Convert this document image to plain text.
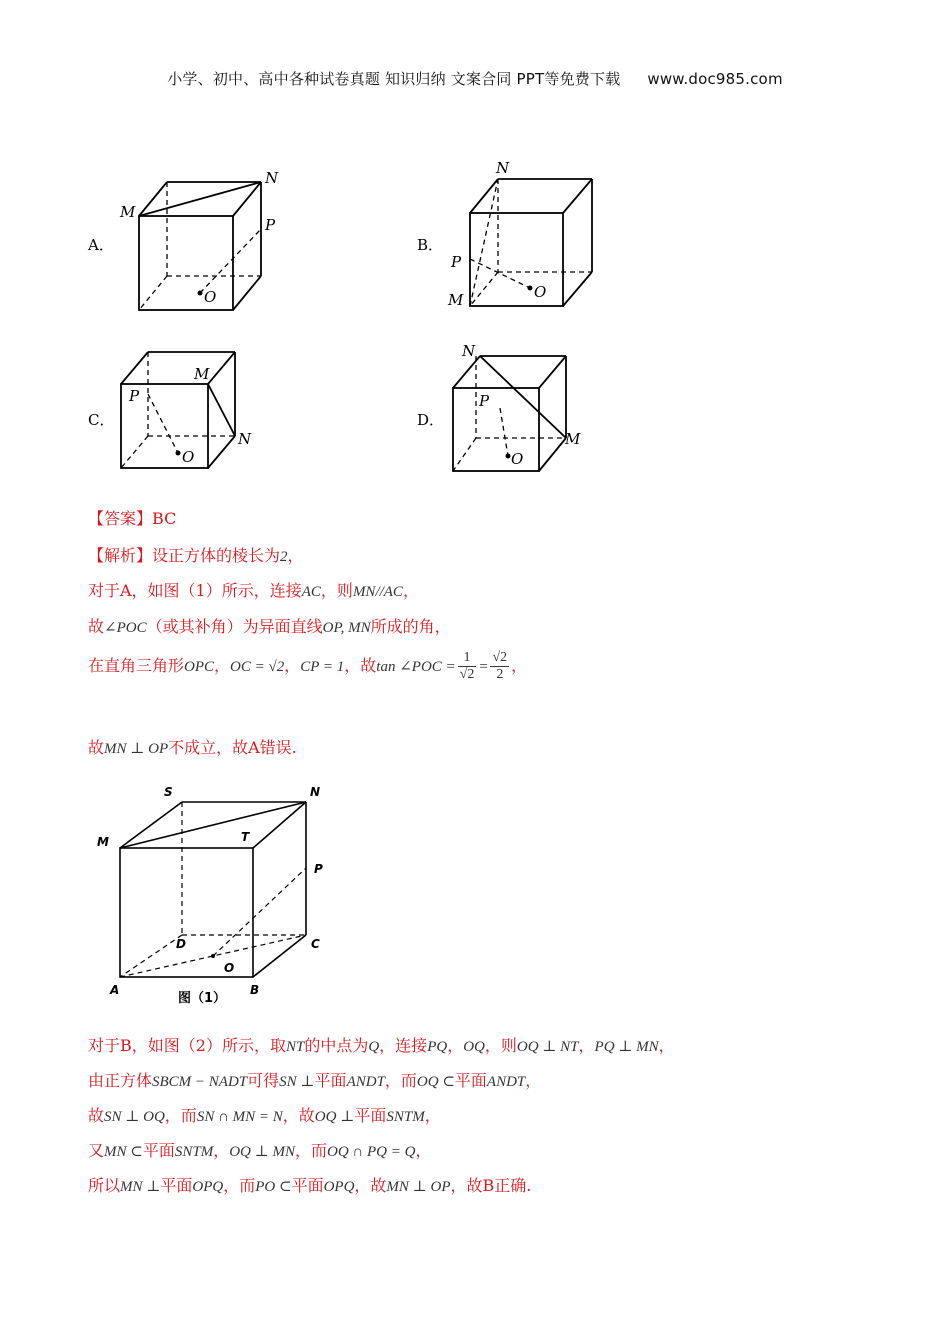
小学、初中、高中各种试卷真题 知识归纳 文案合同 PPT等免费下载 www.doc985.com
A．	B．
C．	D．
M
N
P
O
N
P
M	O
M
P
N
O
N
P
M
O
【答案】BC
【解析】设正方体的棱长为2，
对于A，如图（1）所示，连接AC，则MN//AC，
故∠POC（或其补角）为异面直线OP, MN所成的角，
在直角三角形OPC，OC = √2，CP = 1，故tan ∠POC = $\frac{1}{√2} = \frac{√2}{2}$ ，
故MN ⊥ OP不成立，故A错误.
S	N
M	T
P
D	C
O
A	B
图（1）
对于B，如图（2）所示，取NT的中点为Q，连接PQ，OQ，则OQ ⊥ NT，PQ ⊥ MN，
由正方体SBCM − NADT可得SN ⊥平面ANDT，而OQ ⊂平面ANDT，
故SN ⊥ OQ，而SN ∩ MN = N，故OQ ⊥平面SNTM，
又MN ⊂平面SNTM，OQ ⊥ MN，而OQ ∩ PQ = Q，
所以MN ⊥平面OPQ，而PO ⊂平面OPQ，故MN ⊥ OP，故B正确.
